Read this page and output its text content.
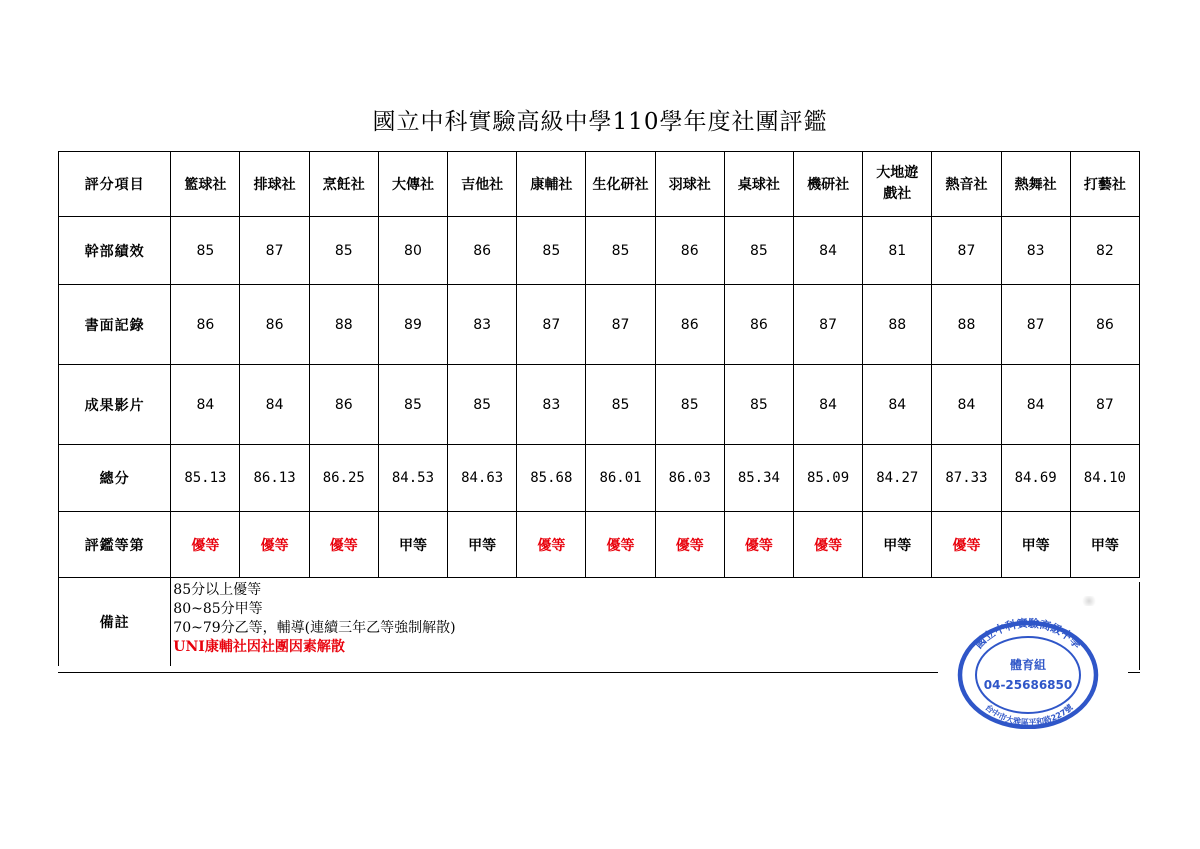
國立中科實驗高級中學110學年度社團評鑑
評分項目	籃球社	排球社	烹飪社	大傳社	吉他社	康輔社	生化研社	羽球社	桌球社	機研社	大地遊戲社	熱音社	熱舞社	打藝社
幹部績效	85	87	85	80	86	85	85	86	85	84	81	87	83	82
書面記錄	86	86	88	89	83	87	87	86	86	87	88	88	87	86
成果影片	84	84	86	85	85	83	85	85	85	84	84	84	84	87
總分	85.13	86.13	86.25	84.53	84.63	85.68	86.01	86.03	85.34	85.09	84.27	87.33	84.69	84.10
評鑑等第	優等	優等	優等	甲等	甲等	優等	優等	優等	優等	優等	甲等	優等	甲等	甲等
備註	85分以上優等
80~85分甲等
70~79分乙等，輔導(連續三年乙等強制解散)
UNI康輔社因社團因素解散														國立中科實驗高級中學
體育組
04-25686850
台中市大雅區平和路227號
